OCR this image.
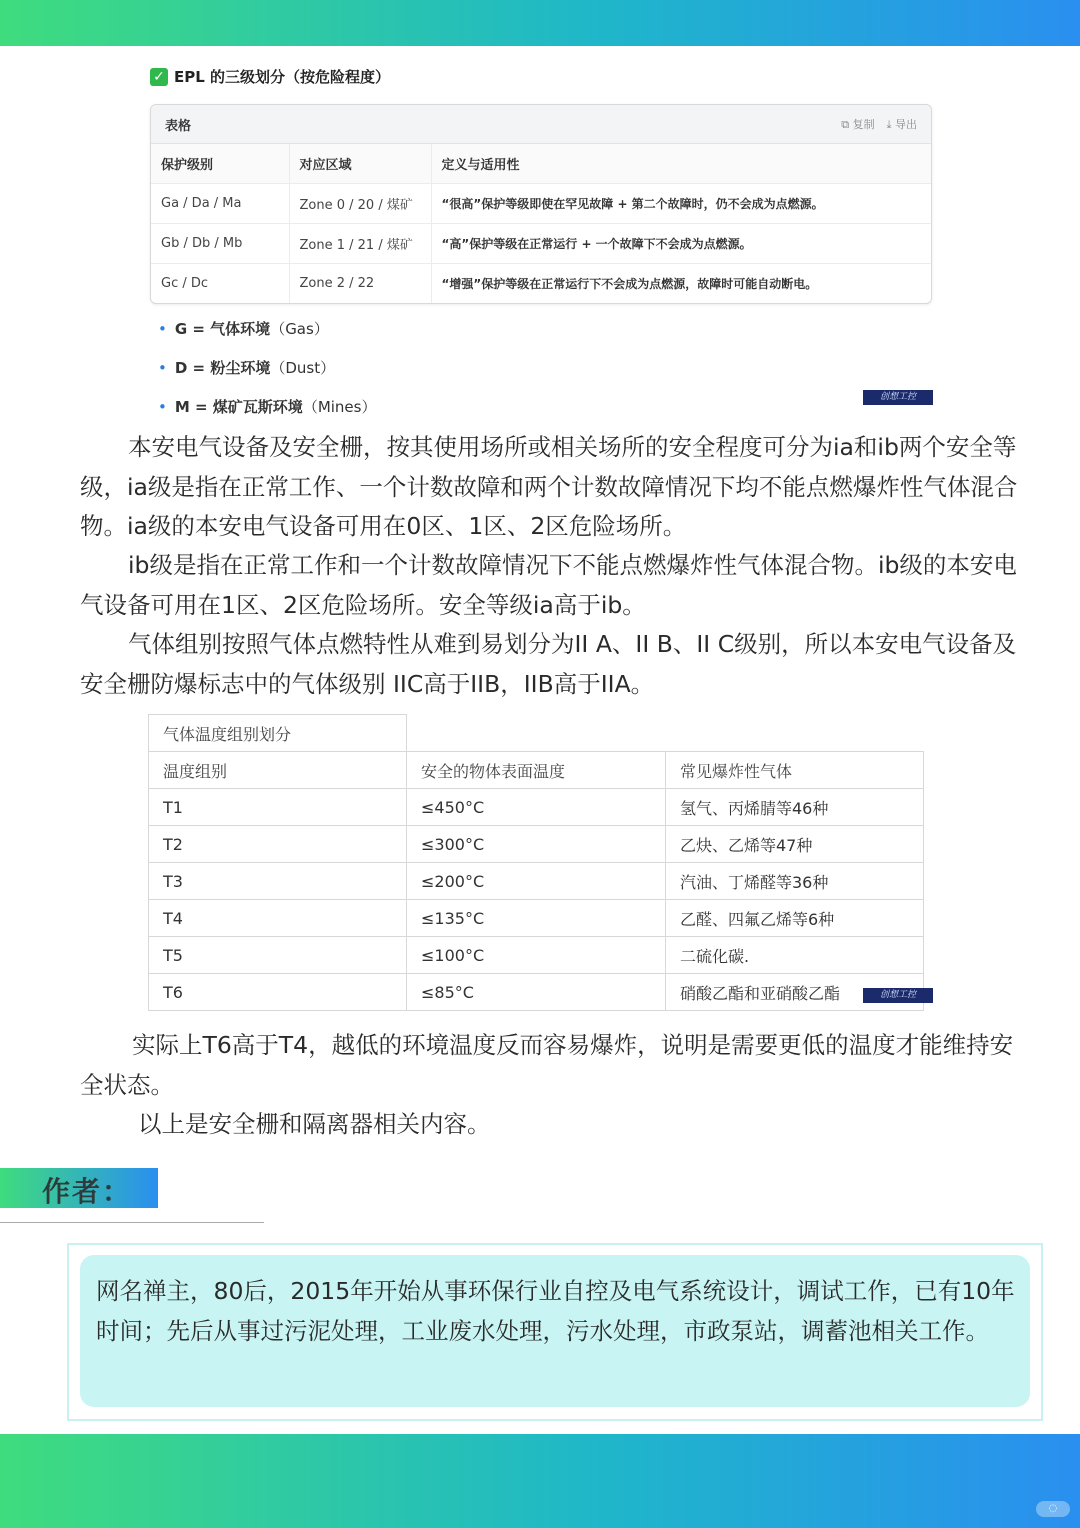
✓ EPL 的三级划分（按危险程度）
表格	⧉ 复制 ⤓ 导出
保护级别	对应区域	定义与适用性
Ga / Da / Ma	Zone 0 / 20 / 煤矿	“很高”保护等级即使在罕见故障 + 第二个故障时，仍不会成为点燃源。
Gb / Db / Mb	Zone 1 / 21 / 煤矿	“高”保护等级在正常运行 + 一个故障下不会成为点燃源。
Gc / Dc	Zone 2 / 22	“增强”保护等级在正常运行下不会成为点燃源，故障时可能自动断电。
• G = 气体环境（Gas）
• D = 粉尘环境（Dust）
• M = 煤矿瓦斯环境（Mines）
创想工控
本安电气设备及安全栅，按其使用场所或相关场所的安全程度可分为ia和ib两个安全等级，ia级是指在正常工作、一个计数故障和两个计数故障情况下均不能点燃爆炸性气体混合物。ia级的本安电气设备可用在0区、1区、2区危险场所。
ib级是指在正常工作和一个计数故障情况下不能点燃爆炸性气体混合物。ib级的本安电气设备可用在1区、2区危险场所。安全等级ia高于ib。
气体组别按照气体点燃特性从难到易划分为II A、II B、II C级别，所以本安电气设备及安全栅防爆标志中的气体级别 IIC高于IIB，IIB高于IIA。
气体温度组别划分		
温度组别	安全的物体表面温度	常见爆炸性气体
T1	≤450°C	氢气、丙烯腈等46种
T2	≤300°C	乙炔、乙烯等47种
T3	≤200°C	汽油、丁烯醛等36种
T4	≤135°C	乙醛、四氟乙烯等6种
T5	≤100°C	二硫化碳.
T6	≤85°C	硝酸乙酯和亚硝酸乙酯	创想工控
实际上T6高于T4，越低的环境温度反而容易爆炸，说明是需要更低的温度才能维持安全状态。
以上是安全栅和隔离器相关内容。
作者：
网名禅主，80后，2015年开始从事环保行业自控及电气系统设计，调试工作，已有10年时间；先后从事过污泥处理，工业废水处理，污水处理，市政泵站，调蓄池相关工作。
◌
